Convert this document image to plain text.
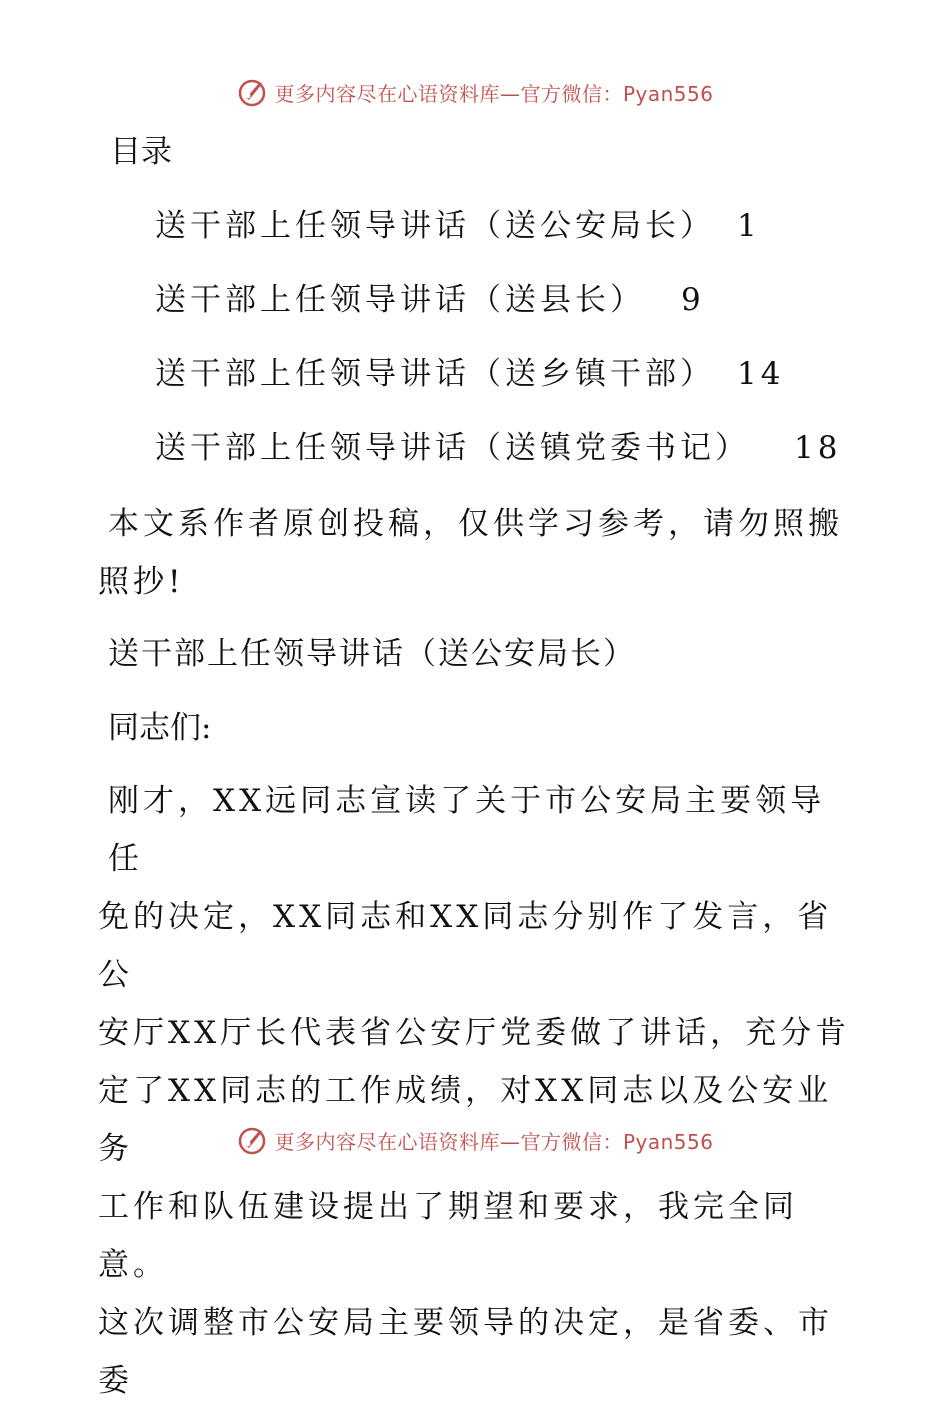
更多内容尽在心语资料库—官方微信：Pyan556
目录
送干部上任领导讲话（送公安局长） 1
送干部上任领导讲话（送县长） 9
送干部上任领导讲话（送乡镇干部） 14
送干部上任领导讲话（送镇党委书记） 18
本文系作者原创投稿，仅供学习参考，请勿照搬
照抄!
送干部上任领导讲话（送公安局长）
同志们:
刚才，XX远同志宣读了关于市公安局主要领导任
免的决定，XX同志和XX同志分别作了发言，省公
安厅XX厅长代表省公安厅党委做了讲话，充分肯
定了XX同志的工作成绩，对XX同志以及公安业务
工作和队伍建设提出了期望和要求，我完全同意。
这次调整市公安局主要领导的决定，是省委、市委
更多内容尽在心语资料库—官方微信：Pyan556
